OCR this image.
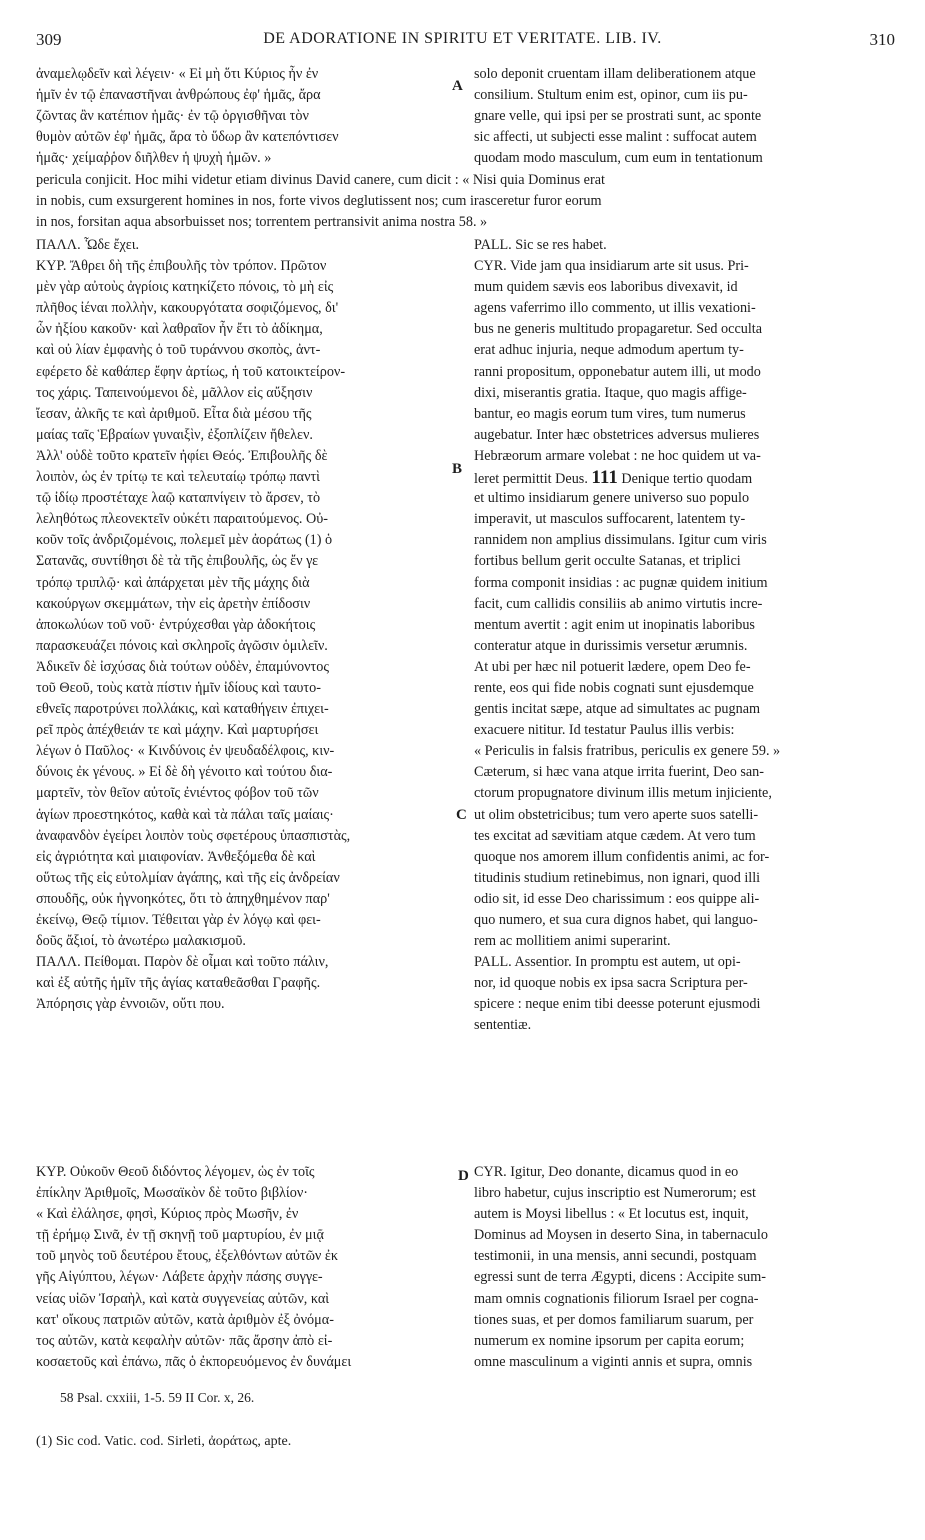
309	DE ADORATIONE IN SPIRITU ET VERITATE. LIB. IV.	310
A
B
C
D
ἀναμελῳδεῖν καὶ λέγειν· « Εἰ μὴ ὅτι Κύριος ἦν ἐν
ἡμῖν ἐν τῷ ἐπαναστῆναι ἀνθρώπους ἐφ' ἡμᾶς, ἄρα
ζῶντας ἂν κατέπιον ἡμᾶς· ἐν τῷ ὀργισθῆναι τὸν
θυμὸν αὐτῶν ἐφ' ἡμᾶς, ἄρα τὸ ὕδωρ ἂν κατεπόντισεν
ἡμᾶς· χείμαῤῥον διῆλθεν ἡ ψυχὴ ἡμῶν. »
solo deponit cruentam illam deliberationem atque
consilium. Stultum enim est, opinor, cum iis pu-
gnare velle, qui ipsi per se prostrati sunt, ac sponte
sic affecti, ut subjecti esse malint : suffocat autem
quodam modo masculum, cum eum in tentationum
pericula conjicit. Hoc mihi videtur etiam divinus David canere, cum dicit : « Nisi quia Dominus erat
in nobis, cum exsurgerent homines in nos, forte vivos deglutissent nos; cum irasceretur furor eorum
in nos, forsitan aqua absorbuisset nos; torrentem pertransivit anima nostra 58. »
ΠΑΛΛ. Ὧδε ἔχει.
ΚΥΡ. Ἄθρει δὴ τῆς ἐπιβουλῆς τὸν τρόπον. Πρῶτον
μὲν γὰρ αὐτοὺς ἀγρίοις κατηκίζετο πόνοις, τὸ μὴ εἰς
πλῆθος ἰέναι πολλὴν, κακουργότατα σοφιζόμενος, δι'
ὧν ἠξίου κακοῦν· καὶ λαθραῖον ἦν ἔτι τὸ ἀδίκημα,
καὶ οὐ λίαν ἐμφανὴς ὁ τοῦ τυράννου σκοπὸς, ἀντ-
εφέρετο δὲ καθάπερ ἔφην ἀρτίως, ἡ τοῦ κατοικτείρον-
τος χάρις. Ταπεινούμενοι δὲ, μᾶλλον εἰς αὔξησιν
ἴεσαν, ἀλκῆς τε καὶ ἀριθμοῦ. Εἶτα διὰ μέσου τῆς
μαίας ταῖς Ἑβραίων γυναιξὶν, ἐξοπλίζειν ἤθελεν.
Ἀλλ' οὐδὲ τοῦτο κρατεῖν ἠφίει Θεός. Ἐπιβουλῆς δὲ
λοιπὸν, ὡς ἐν τρίτῳ τε καὶ τελευταίῳ τρόπῳ παντὶ
τῷ ἰδίῳ προστέταχε λαῷ καταπνίγειν τὸ ἄρσεν, τὸ
λεληθότως πλεονεκτεῖν οὐκέτι παραιτούμενος. Οὐ-
κοῦν τοῖς ἀνδριζομένοις, πολεμεῖ μὲν ἀοράτως (1) ὁ
Σατανᾶς, συντίθησι δὲ τὰ τῆς ἐπιβουλῆς, ὡς ἔν γε
τρόπῳ τριπλῷ· καὶ ἀπάρχεται μὲν τῆς μάχης διὰ
κακούργων σκεμμάτων, τὴν εἰς ἀρετὴν ἐπίδοσιν
ἀποκωλύων τοῦ νοῦ· ἐντρύχεσθαι γὰρ ἀδοκήτοις
παρασκευάζει πόνοις καὶ σκληροῖς ἀγῶσιν ὁμιλεῖν.
Ἀδικεῖν δὲ ἰσχύσας διὰ τούτων οὐδὲν, ἐπαμύνοντος
τοῦ Θεοῦ, τοὺς κατὰ πίστιν ἡμῖν ἰδίους καὶ ταυτο-
εθνεῖς παροτρύνει πολλάκις, καὶ καταθήγειν ἐπιχει-
ρεῖ πρὸς ἀπέχθειάν τε καὶ μάχην. Καὶ μαρτυρήσει
λέγων ὁ Παῦλος· « Κινδύνοις ἐν ψευδαδέλφοις, κιν-
δύνοις ἐκ γένους. » Εἰ δὲ δὴ γένοιτο καὶ τούτου δια-
μαρτεῖν, τὸν θεῖον αὐτοῖς ἐνιέντος φόβον τοῦ τῶν
ἁγίων προεστηκότος, καθὰ καὶ τὰ πάλαι ταῖς μαίαις·
ἀναφανδὸν ἐγείρει λοιπὸν τοὺς σφετέρους ὑπασπιστὰς,
εἰς ἀγριότητα καὶ μιαιφονίαν. Ἀνθεξόμεθα δὲ καὶ
οὕτως τῆς εἰς εὐτολμίαν ἀγάπης, καὶ τῆς εἰς ἀνδρείαν
σπουδῆς, οὐκ ἠγνοηκότες, ὅτι τὸ ἀπηχθημένον παρ'
ἐκείνῳ, Θεῷ τίμιον. Τέθειται γὰρ ἐν λόγῳ καὶ φει-
δοῦς ἄξιοί, τὸ ἀνωτέρω μαλακισμοῦ.
ΠΑΛΛ. Πείθομαι. Παρὸν δὲ οἶμαι καὶ τοῦτο πάλιν,
καὶ ἐξ αὐτῆς ἡμῖν τῆς ἁγίας καταθεᾶσθαι Γραφῆς.
Ἀπόρησις γὰρ ἐννοιῶν, οὔτι που.
PALL. Sic se res habet.
CYR. Vide jam qua insidiarum arte sit usus. Pri-
mum quidem sævis eos laboribus divexavit, id
agens vaferrimo illo commento, ut illis vexationi-
bus ne generis multitudo propagaretur. Sed occulta
erat adhuc injuria, neque admodum apertum ty-
ranni propositum, opponebatur autem illi, ut modo
dixi, miserantis gratia. Itaque, quo magis affige-
bantur, eo magis eorum tum vires, tum numerus
augebatur. Inter hæc obstetrices adversus mulieres
Hebræorum armare volebat : ne hoc quidem ut va-
leret permittit Deus. 111 Denique tertio quodam
et ultimo insidiarum genere universo suo populo
imperavit, ut masculos suffocarent, latentem ty-
rannidem non amplius dissimulans. Igitur cum viris
fortibus bellum gerit occulte Satanas, et triplici
forma componit insidias : ac pugnæ quidem initium
facit, cum callidis consiliis ab animo virtutis incre-
mentum avertit : agit enim ut inopinatis laboribus
conteratur atque in durissimis versetur ærumnis.
At ubi per hæc nil potuerit lædere, opem Deo fe-
rente, eos qui fide nobis cognati sunt ejusdemque
gentis incitat sæpe, atque ad simultates ac pugnam
exacuere nititur. Id testatur Paulus illis verbis:
« Periculis in falsis fratribus, periculis ex genere 59. »
Cæterum, si hæc vana atque irrita fuerint, Deo san-
ctorum propugnatore divinum illis metum injiciente,
ut olim obstetricibus; tum vero aperte suos satelli-
tes excitat ad sævitiam atque cædem. At vero tum
quoque nos amorem illum confidentis animi, ac for-
titudinis studium retinebimus, non ignari, quod illi
odio sit, id esse Deo charissimum : eos quippe ali-
quo numero, et sua cura dignos habet, qui languo-
rem ac mollitiem animi superarint.
PALL. Assentior. In promptu est autem, ut opi-
nor, id quoque nobis ex ipsa sacra Scriptura per-
spicere : neque enim tibi deesse poterunt ejusmodi
sententiæ.
ΚΥΡ. Οὐκοῦν Θεοῦ διδόντος λέγομεν, ὡς ἐν τοῖς
ἐπίκλην Ἀριθμοῖς, Μωσαϊκὸν δὲ τοῦτο βιβλίον·
« Καὶ ἐλάλησε, φησὶ, Κύριος πρὸς Μωσῆν, ἐν
τῇ ἐρήμῳ Σινᾶ, ἐν τῇ σκηνῇ τοῦ μαρτυρίου, ἐν μιᾷ
τοῦ μηνὸς τοῦ δευτέρου ἔτους, ἐξελθόντων αὐτῶν ἐκ
γῆς Αἰγύπτου, λέγων· Λάβετε ἀρχὴν πάσης συγγε-
νείας υἱῶν Ἰσραὴλ, καὶ κατὰ συγγενείας αὐτῶν, καὶ
κατ' οἴκους πατριῶν αὐτῶν, κατὰ ἀριθμὸν ἐξ ὀνόμα-
τος αὐτῶν, κατὰ κεφαλὴν αὐτῶν· πᾶς ἄρσην ἀπὸ εἰ-
κοσαετοῦς καὶ ἐπάνω, πᾶς ὁ ἐκπορευόμενος ἐν δυνάμει
CYR. Igitur, Deo donante, dicamus quod in eo
libro habetur, cujus inscriptio est Numerorum; est
autem is Moysi libellus : « Et locutus est, inquit,
Dominus ad Moysen in deserto Sina, in tabernaculo
testimonii, in una mensis, anni secundi, postquam
egressi sunt de terra Ægypti, dicens : Accipite sum-
mam omnis cognationis filiorum Israel per cogna-
tiones suas, et per domos familiarum suarum, per
numerum ex nomine ipsorum per capita eorum;
omne masculinum a viginti annis et supra, omnis
58 Psal. cxxiii, 1-5. 59 II Cor. x, 26.
(1) Sic cod. Vatic. cod. Sirleti, ἀοράτως, apte.
